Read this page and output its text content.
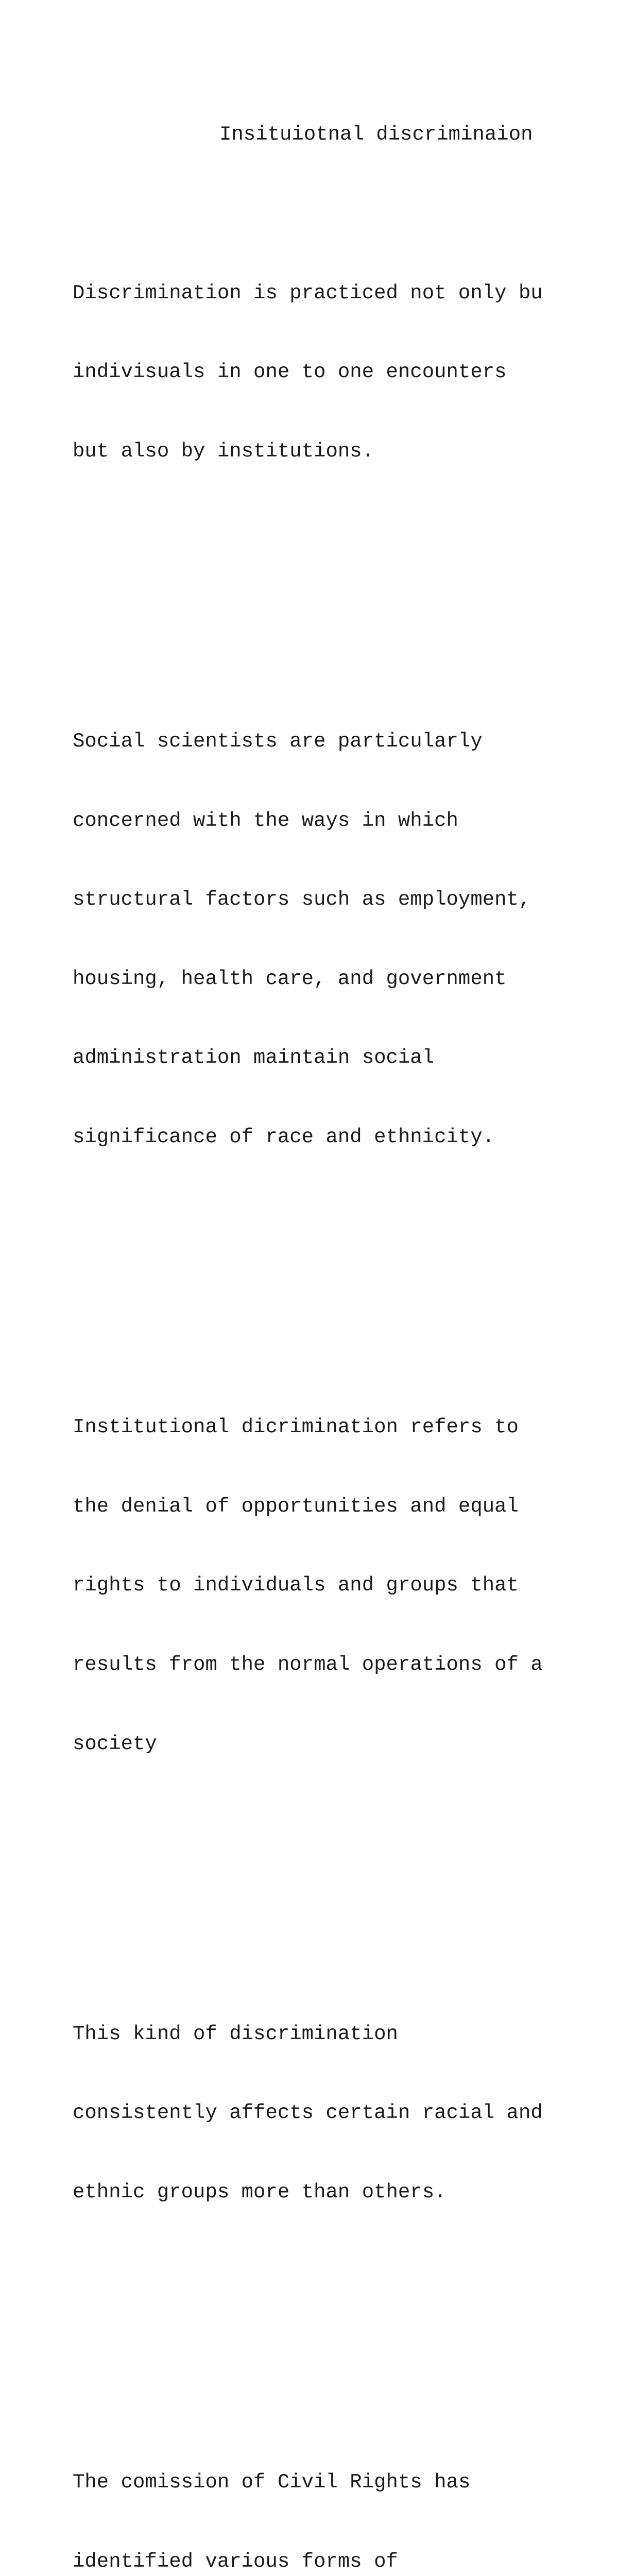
Insituiotnal discriminaion

Discrimination is practiced not only bu

indivisuals in one to one encounters

but also by institutions.

Social scientists are particularly

concerned with the ways in which

structural factors such as employment,

housing, health care, and government

administration maintain social

significance of race and ethnicity.

Institutional dicrimination refers to

the denial of opportunities and equal

rights to individuals and groups that

results from the normal operations of a

society

This kind of discrimination

consistently affects certain racial and

ethnic groups more than others.

The comission of Civil Rights has

identified various forms of
